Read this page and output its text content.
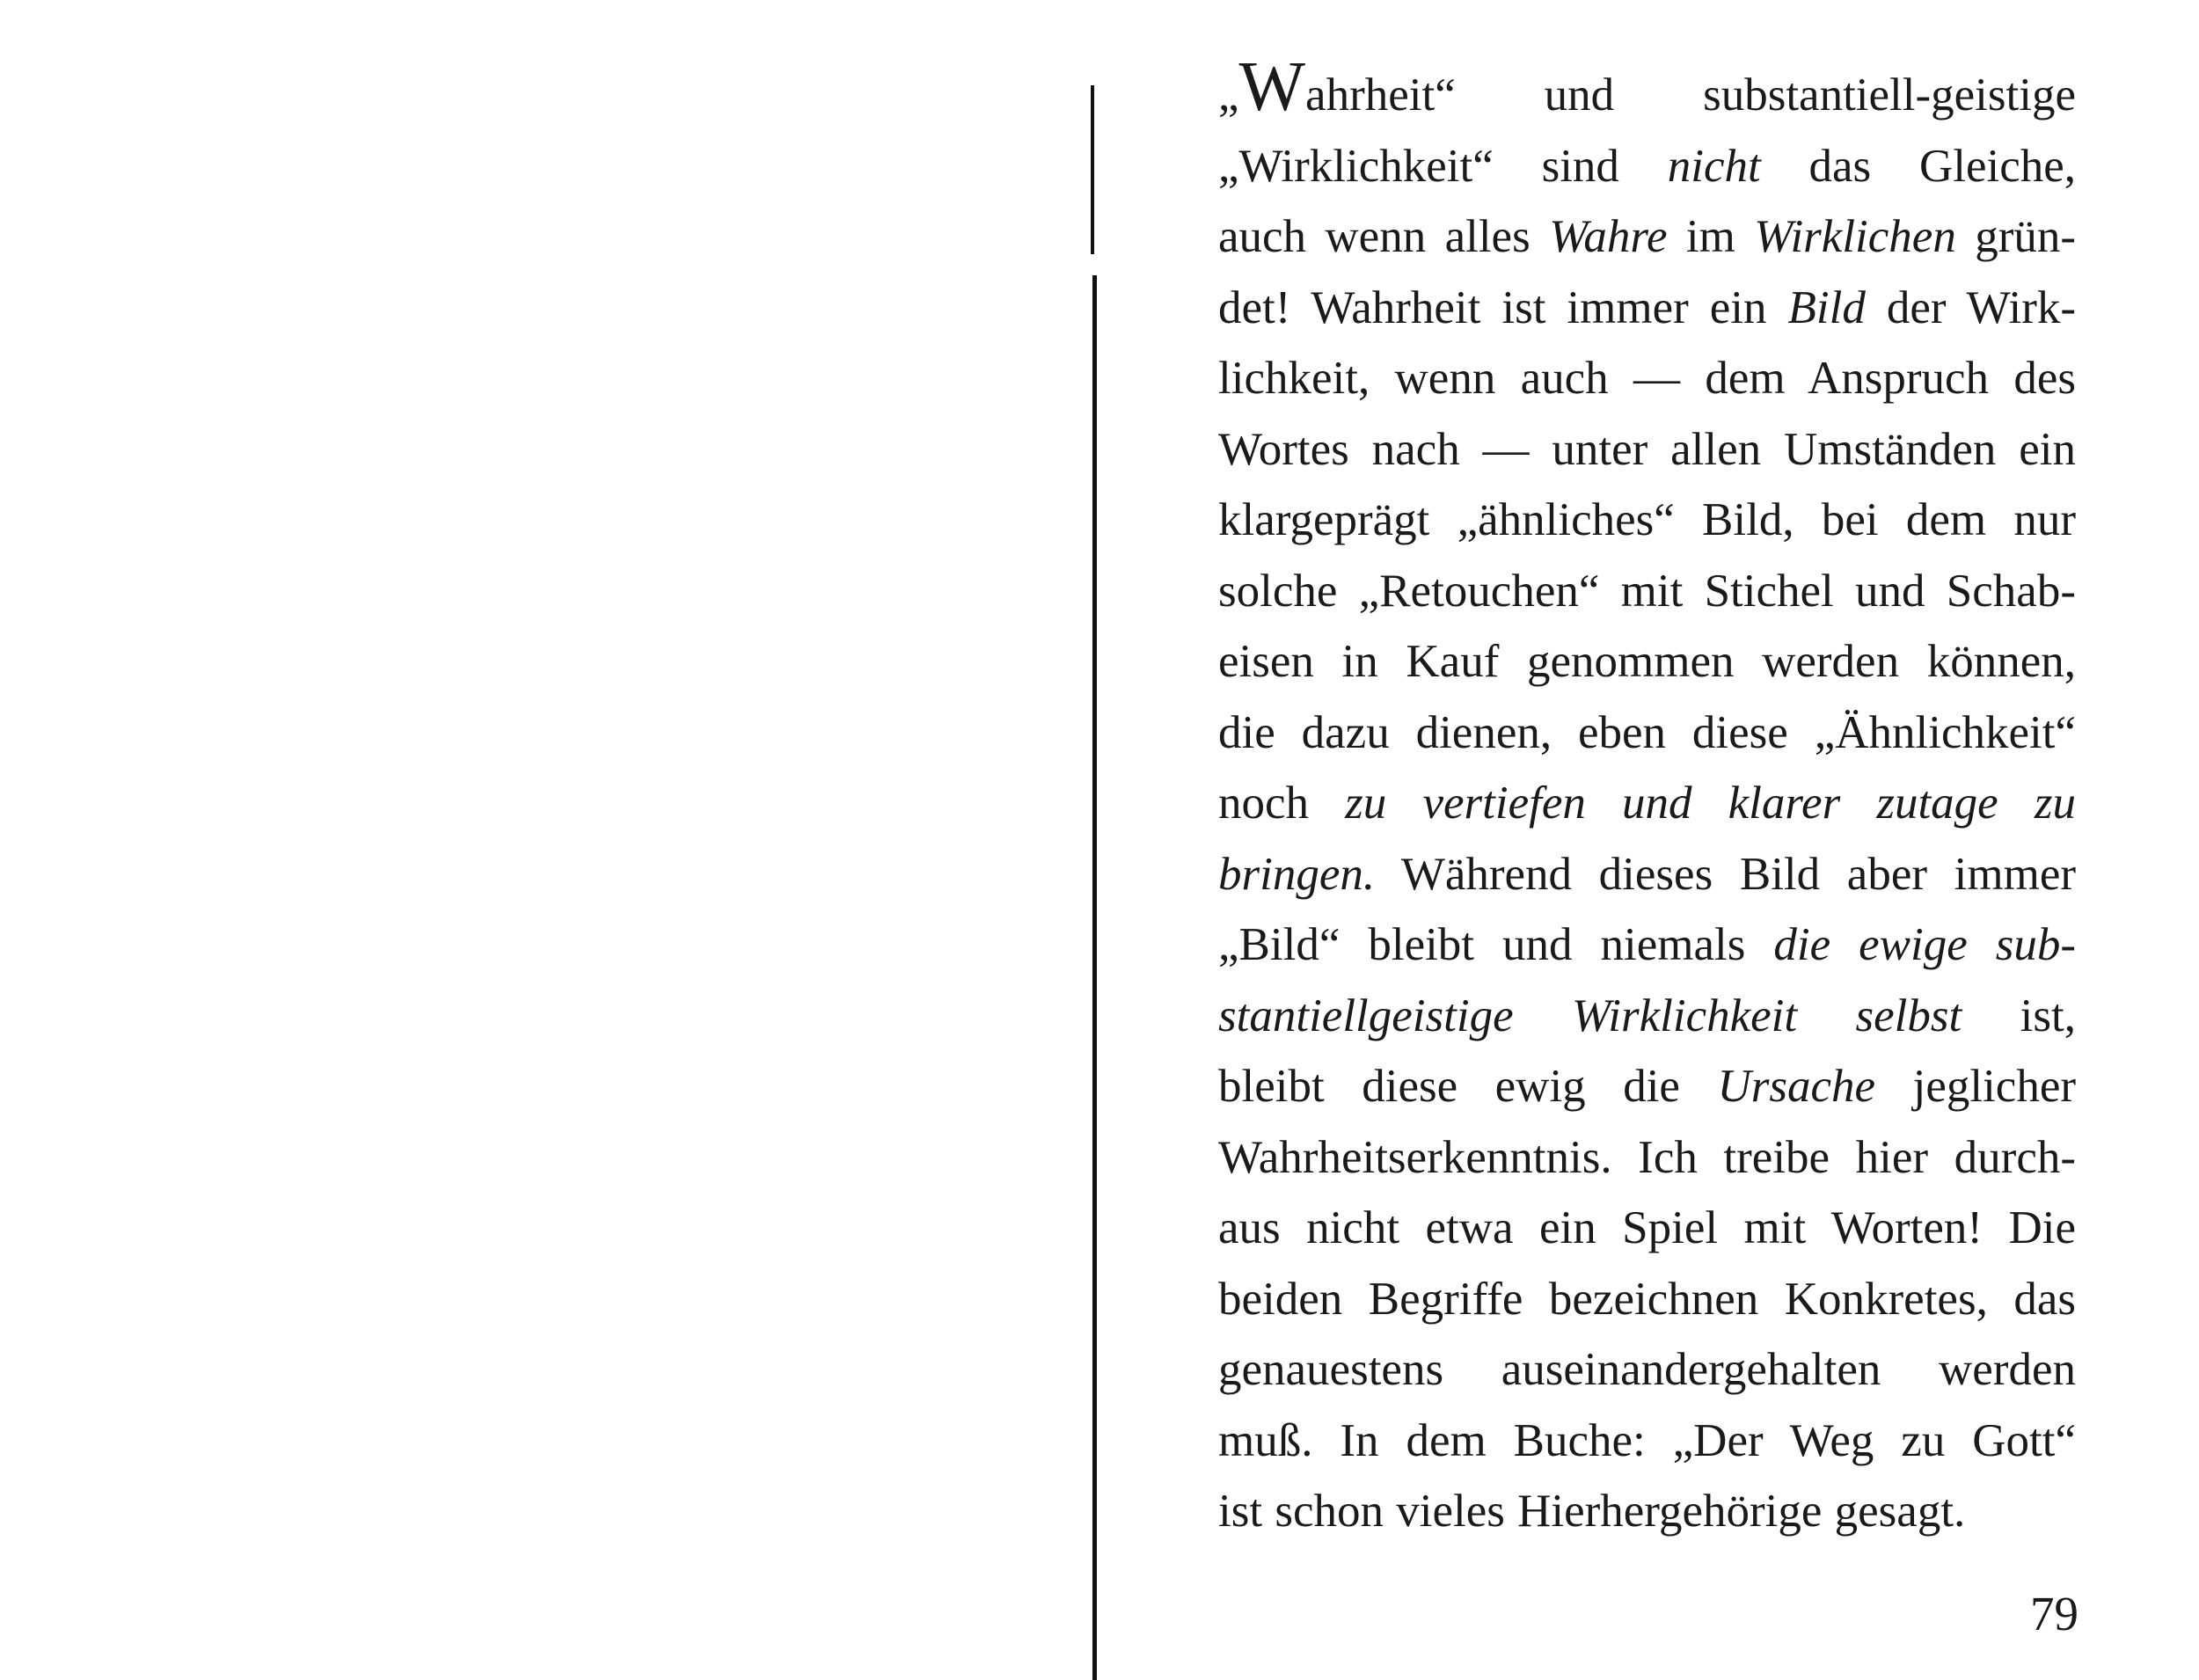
„Wahrheit“ und substantiell-geistige
„Wirklichkeit“ sind nicht das Gleiche,
auch wenn alles Wahre im Wirklichen grün-
det! Wahrheit ist immer ein Bild der Wirk-
lichkeit, wenn auch — dem Anspruch des
Wortes nach — unter allen Umständen ein
klargeprägt „ähnliches“ Bild, bei dem nur
solche „Retouchen“ mit Stichel und Schab-
eisen in Kauf genommen werden können,
die dazu dienen, eben diese „Ähnlichkeit“
noch zu vertiefen und klarer zutage zu
bringen. Während dieses Bild aber immer
„Bild“ bleibt und niemals die ewige sub-
stantiellgeistige Wirklichkeit selbst ist,
bleibt diese ewig die Ursache jeglicher
Wahrheitserkenntnis. Ich treibe hier durch-
aus nicht etwa ein Spiel mit Worten! Die
beiden Begriffe bezeichnen Konkretes, das
genauestens auseinandergehalten werden
muß. In dem Buche: „Der Weg zu Gott“
ist schon vieles Hierhergehörige gesagt.
79
